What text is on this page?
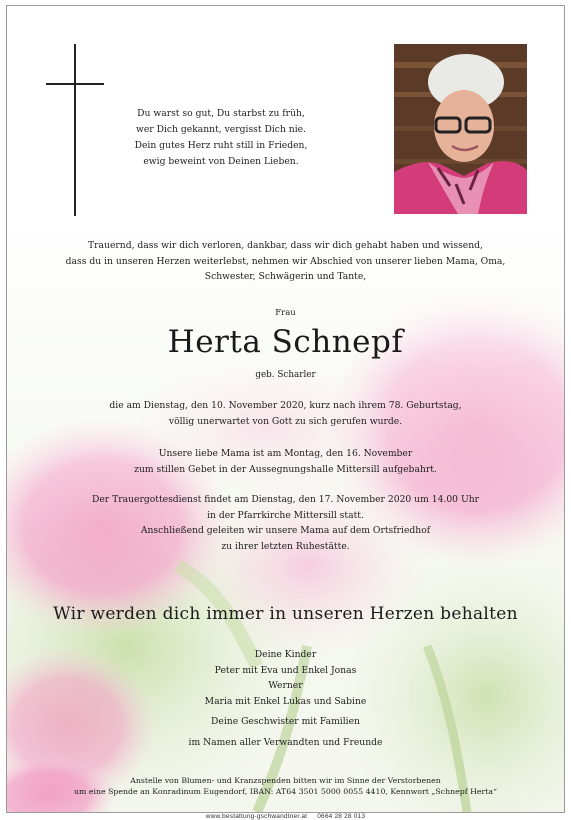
Du warst so gut, Du starbst zu früh,

wer Dich gekannt, vergisst Dich nie.

Dein gutes Herz ruht still in Frieden,

ewig beweint von Deinen Lieben.

Trauernd, dass wir dich verloren, dankbar, dass wir dich gehabt haben und wissend,

dass du in unseren Herzen weiterlebst, nehmen wir Abschied von unserer lieben Mama, Oma,

Schwester, Schwägerin und Tante,

Frau
Herta Schnepf
geb. Scharler

die am Dienstag, den 10. November 2020, kurz nach ihrem 78. Geburtstag,

völlig unerwartet von Gott zu sich gerufen wurde.

Unsere liebe Mama ist am Montag, den 16. November

zum stillen Gebet in der Aussegnungshalle Mittersill aufgebahrt.

Der Trauergottesdienst findet am Dienstag, den 17. November 2020 um 14.00 Uhr

in der Pfarrkirche Mittersill statt.

Anschließend geleiten wir unsere Mama auf dem Ortsfriedhof

zu ihrer letzten Ruhestätte.

Wir werden dich immer in unseren Herzen behalten

Deine Kinder

Peter mit Eva und Enkel Jonas

Werner

Maria mit Enkel Lukas und Sabine

Deine Geschwister mit Familien

im Namen aller Verwandten und Freunde

Anstelle von Blumen- und Kranzspenden bitten wir im Sinne der Verstorbenen

um eine Spende an Konradinum Eugendorf, IBAN: AT64 3501 5000 0055 4410, Kennwort „Schnepf Herta“

www.bestattung-gschwandtner.at 0664 28 28 013
